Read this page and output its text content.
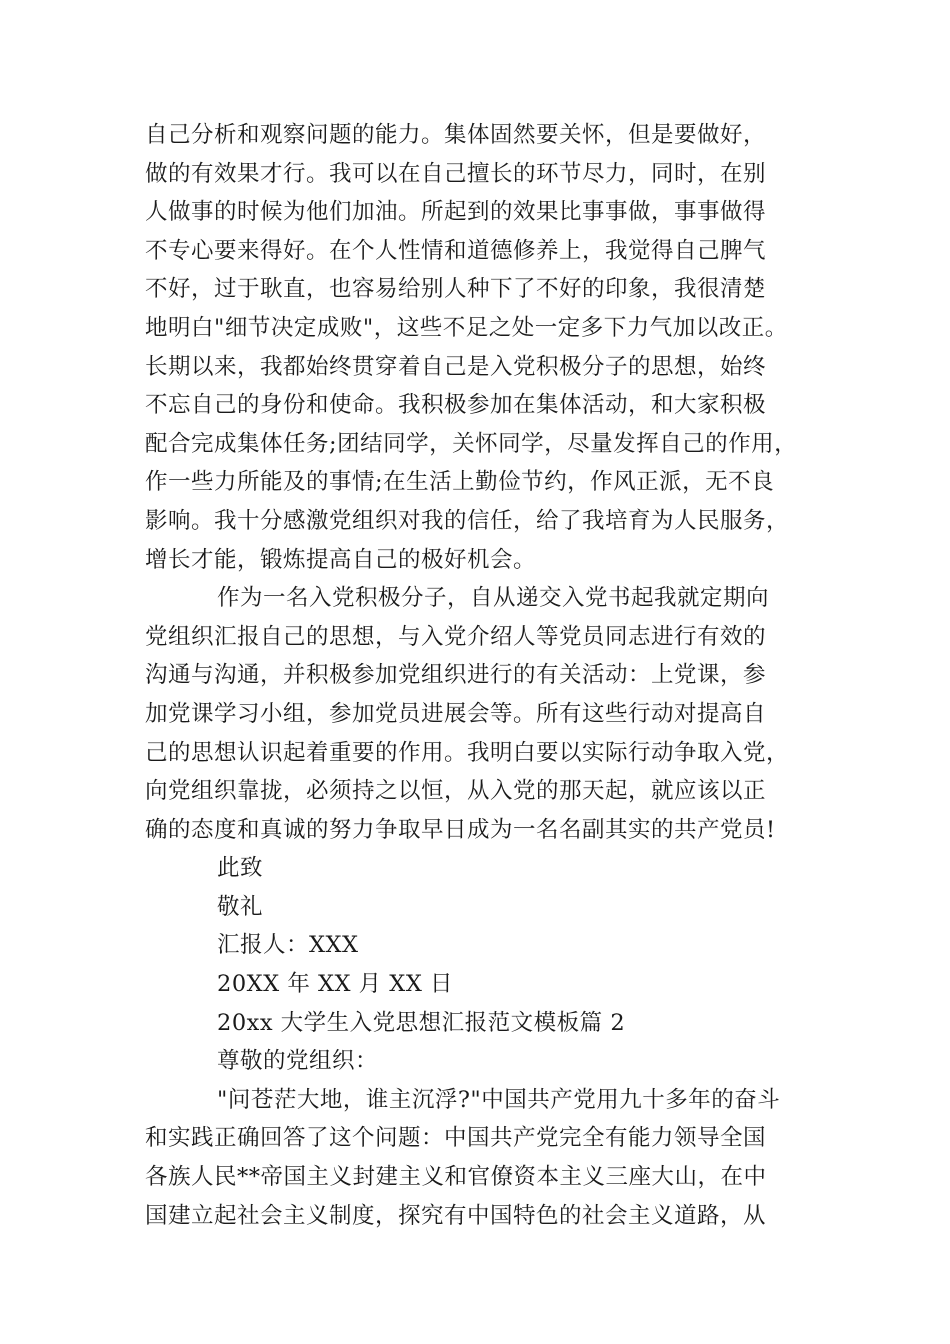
自己分析和观察问题的能力。集体固然要关怀，但是要做好，
做的有效果才行。我可以在自己擅长的环节尽力，同时，在别
人做事的时候为他们加油。所起到的效果比事事做，事事做得
不专心要来得好。在个人性情和道德修养上，我觉得自己脾气
不好，过于耿直，也容易给别人种下了不好的印象，我很清楚
地明白"细节决定成败"，这些不足之处一定多下力气加以改正。
长期以来，我都始终贯穿着自己是入党积极分子的思想，始终
不忘自己的身份和使命。我积极参加在集体活动，和大家积极
配合完成集体任务;团结同学，关怀同学，尽量发挥自己的作用，
作一些力所能及的事情;在生活上勤俭节约，作风正派，无不良
影响。我十分感激党组织对我的信任，给了我培育为人民服务，
增长才能，锻炼提高自己的极好机会。
作为一名入党积极分子，自从递交入党书起我就定期向
党组织汇报自己的思想，与入党介绍人等党员同志进行有效的
沟通与沟通，并积极参加党组织进行的有关活动：上党课，参
加党课学习小组，参加党员进展会等。所有这些行动对提高自
己的思想认识起着重要的作用。我明白要以实际行动争取入党，
向党组织靠拢，必须持之以恒，从入党的那天起，就应该以正
确的态度和真诚的努力争取早日成为一名名副其实的共产党员!
此致
敬礼
汇报人：XXX
20XX 年 XX 月 XX 日
20xx 大学生入党思想汇报范文模板篇 2
尊敬的党组织：
"问苍茫大地，谁主沉浮?"中国共产党用九十多年的奋斗
和实践正确回答了这个问题：中国共产党完全有能力领导全国
各族人民**帝国主义封建主义和官僚资本主义三座大山，在中
国建立起社会主义制度，探究有中国特色的社会主义道路，从
